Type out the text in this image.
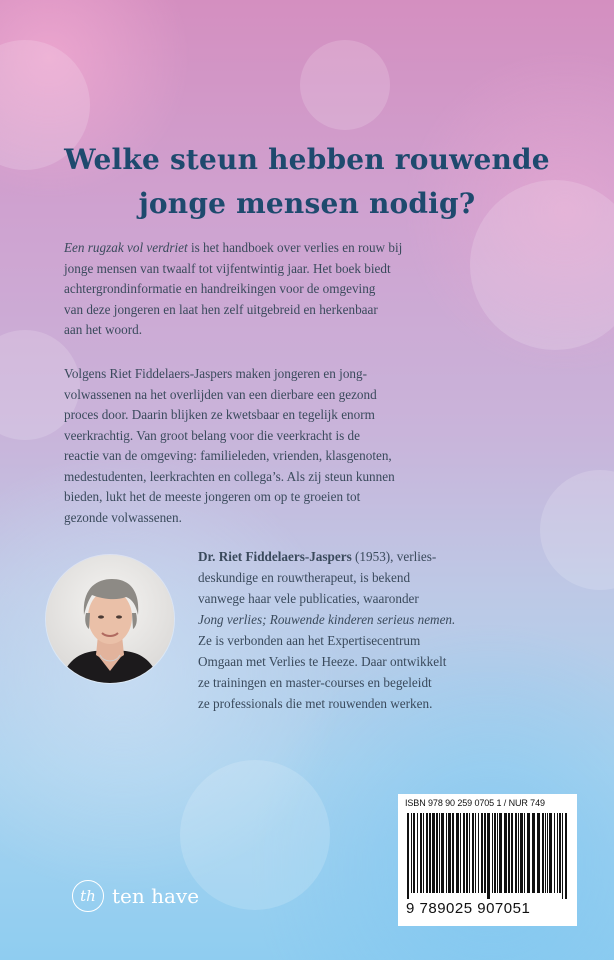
Welke steun hebben rouwende
jonge mensen nodig?
Een rugzak vol verdriet is het handboek over verlies en rouw bij
jonge mensen van twaalf tot vijfentwintig jaar. Het boek biedt
achtergrondinformatie en handreikingen voor de omgeving
van deze jongeren en laat hen zelf uitgebreid en herkenbaar
aan het woord.
Volgens Riet Fiddelaers-Jaspers maken jongeren en jong-
volwassenen na het overlijden van een dierbare een gezond
proces door. Daarin blijken ze kwetsbaar en tegelijk enorm
veerkrachtig. Van groot belang voor die veerkracht is de
reactie van de omgeving: familieleden, vrienden, klasgenoten,
medestudenten, leerkrachten en collega’s. Als zij steun kunnen
bieden, lukt het de meeste jongeren om op te groeien tot
gezonde volwassenen.
Dr. Riet Fiddelaers-Jaspers (1953), verlies-
deskundige en rouwtherapeut, is bekend
vanwege haar vele publicaties, waaronder
Jong verlies; Rouwende kinderen serieus nemen.
Ze is verbonden aan het Expertisecentrum
Omgaan met Verlies te Heeze. Daar ontwikkelt
ze trainingen en master-courses en begeleidt
ze professionals die met rouwenden werken.
ISBN 978 90 259 0705 1 / NUR 749
9 789025 907051
th ten have
